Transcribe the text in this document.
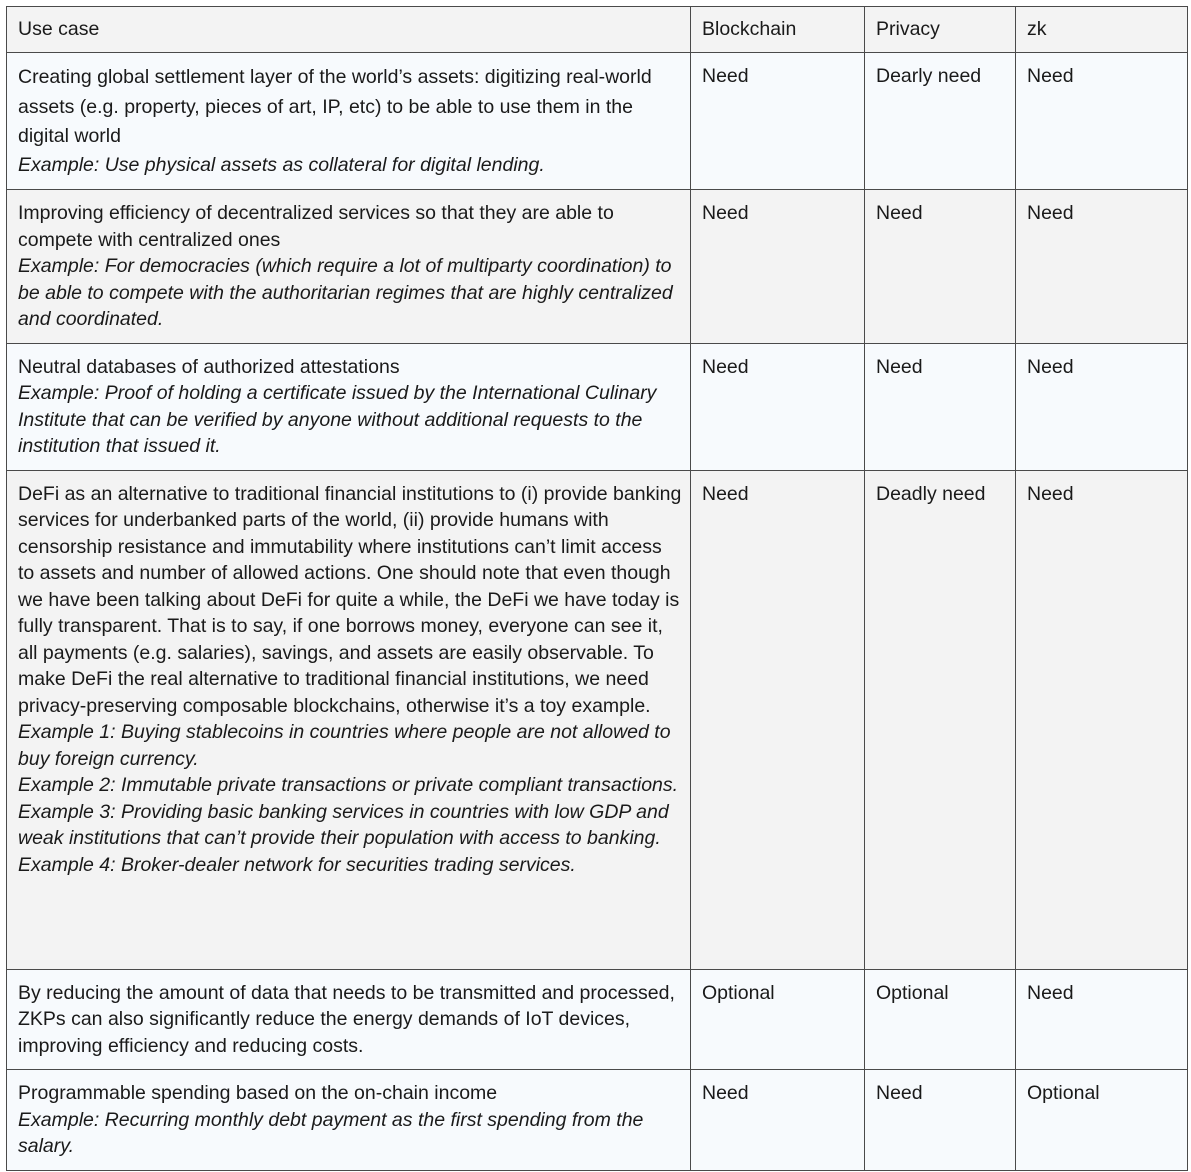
Use case	Blockchain	Privacy	zk

Creating global settlement layer of the world’s assets: digitizing real-world assets (e.g. property, pieces of art, IP, etc) to be able to use them in the digital world
Example: Use physical assets as collateral for digital lending.	Need	Dearly need	Need

Improving efficiency of decentralized services so that they are able to compete with centralized ones
Example: For democracies (which require a lot of multiparty coordination) to be able to compete with the authoritarian regimes that are highly centralized and coordinated.	Need	Need	Need

Neutral databases of authorized attestations
Example: Proof of holding a certificate issued by the International Culinary Institute that can be verified by anyone without additional requests to the institution that issued it.	Need	Need	Need

DeFi as an alternative to traditional financial institutions to (i) provide banking services for underbanked parts of the world, (ii) provide humans with censorship resistance and immutability where institutions can’t limit access to assets and number of allowed actions. One should note that even though we have been talking about DeFi for quite a while, the DeFi we have today is fully transparent. That is to say, if one borrows money, everyone can see it, all payments (e.g. salaries), savings, and assets are easily observable. To make DeFi the real alternative to traditional financial institutions, we need privacy-preserving composable blockchains, otherwise it’s a toy example.
Example 1: Buying stablecoins in countries where people are not allowed to buy foreign currency.
Example 2: Immutable private transactions or private compliant transactions.
Example 3: Providing basic banking services in countries with low GDP and weak institutions that can’t provide their population with access to banking.
Example 4: Broker-dealer network for securities trading services.	Need	Deadly need	Need

By reducing the amount of data that needs to be transmitted and processed, ZKPs can also significantly reduce the energy demands of IoT devices, improving efficiency and reducing costs.	Optional	Optional	Need

Programmable spending based on the on-chain income
Example: Recurring monthly debt payment as the first spending from the salary.	Need	Need	Optional
